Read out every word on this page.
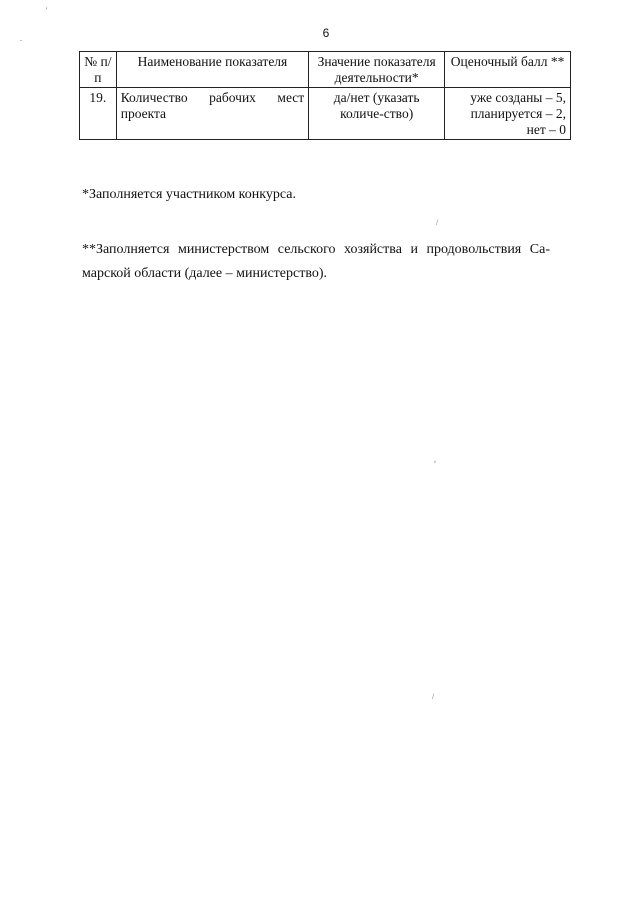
6
№ п/п	Наименование показателя	Значение показателя деятельности*	Оценочный балл **
19.	Количество рабочих мест проекта	да/нет (указать количе-ство)	уже созданы – 5, планируется – 2, нет – 0
*Заполняется участником конкурса.
**Заполняется министерством сельского хозяйства и продовольствия Са-марской области (далее – министерство).
'
.
/
,
/
